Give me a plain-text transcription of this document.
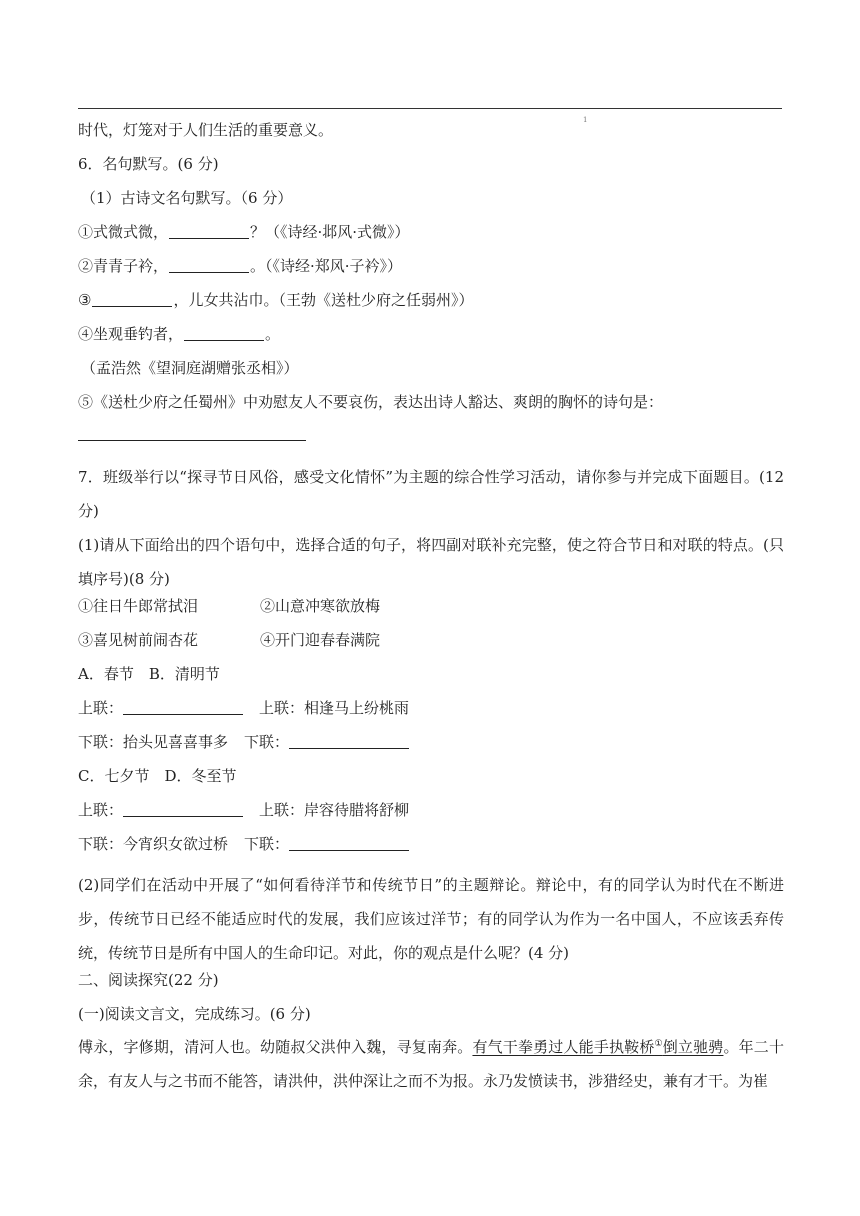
1
时代，灯笼对于人们生活的重要意义。
6．名句默写。(6 分)
（1）古诗文名句默写。（6 分）
①式微式微，	？（《诗经·邶风·式微》）
②青青子衿，	。（《诗经·郑风·子衿》）
③	，儿女共沾巾。（王勃《送杜少府之任弱州》）
④坐观垂钓者，	。
（孟浩然《望洞庭湖赠张丞相》）
⑤《送杜少府之任蜀州》中劝慰友人不要哀伤，表达出诗人豁达、爽朗的胸怀的诗句是：
7．班级举行以“探寻节日风俗，感受文化情怀”为主题的综合性学习活动，请你参与并完成下面题目。(12分)
(1)请从下面给出的四个语句中，选择合适的句子，将四副对联补充完整，使之符合节日和对联的特点。(只填序号)(8 分)
①往日牛郎常拭泪	②山意冲寒欲放梅
③喜见树前闹杏花	④开门迎春春满院
A．春节　B．清明节
上联：	上联：相逢马上纷桃雨
下联：抬头见喜喜事多 下联：
C．七夕节　D．冬至节
上联：	上联：岸容待腊将舒柳
下联：今宵织女欲过桥 下联：
(2)同学们在活动中开展了“如何看待洋节和传统节日”的主题辩论。辩论中，有的同学认为时代在不断进步，传统节日已经不能适应时代的发展，我们应该过洋节；有的同学认为作为一名中国人，不应该丢弃传统，传统节日是所有中国人的生命印记。对此，你的观点是什么呢？(4 分)
二、阅读探究(22 分)
(一)阅读文言文，完成练习。(6 分)
傅永，字修期，清河人也。幼随叔父洪仲入魏，寻复南奔。有气干拳勇过人能手执鞍桥①倒立驰骋。年二十余，有友人与之书而不能答，请洪仲，洪仲深让之而不为报。永乃发愤读书，涉猎经史，兼有才干。为崔
